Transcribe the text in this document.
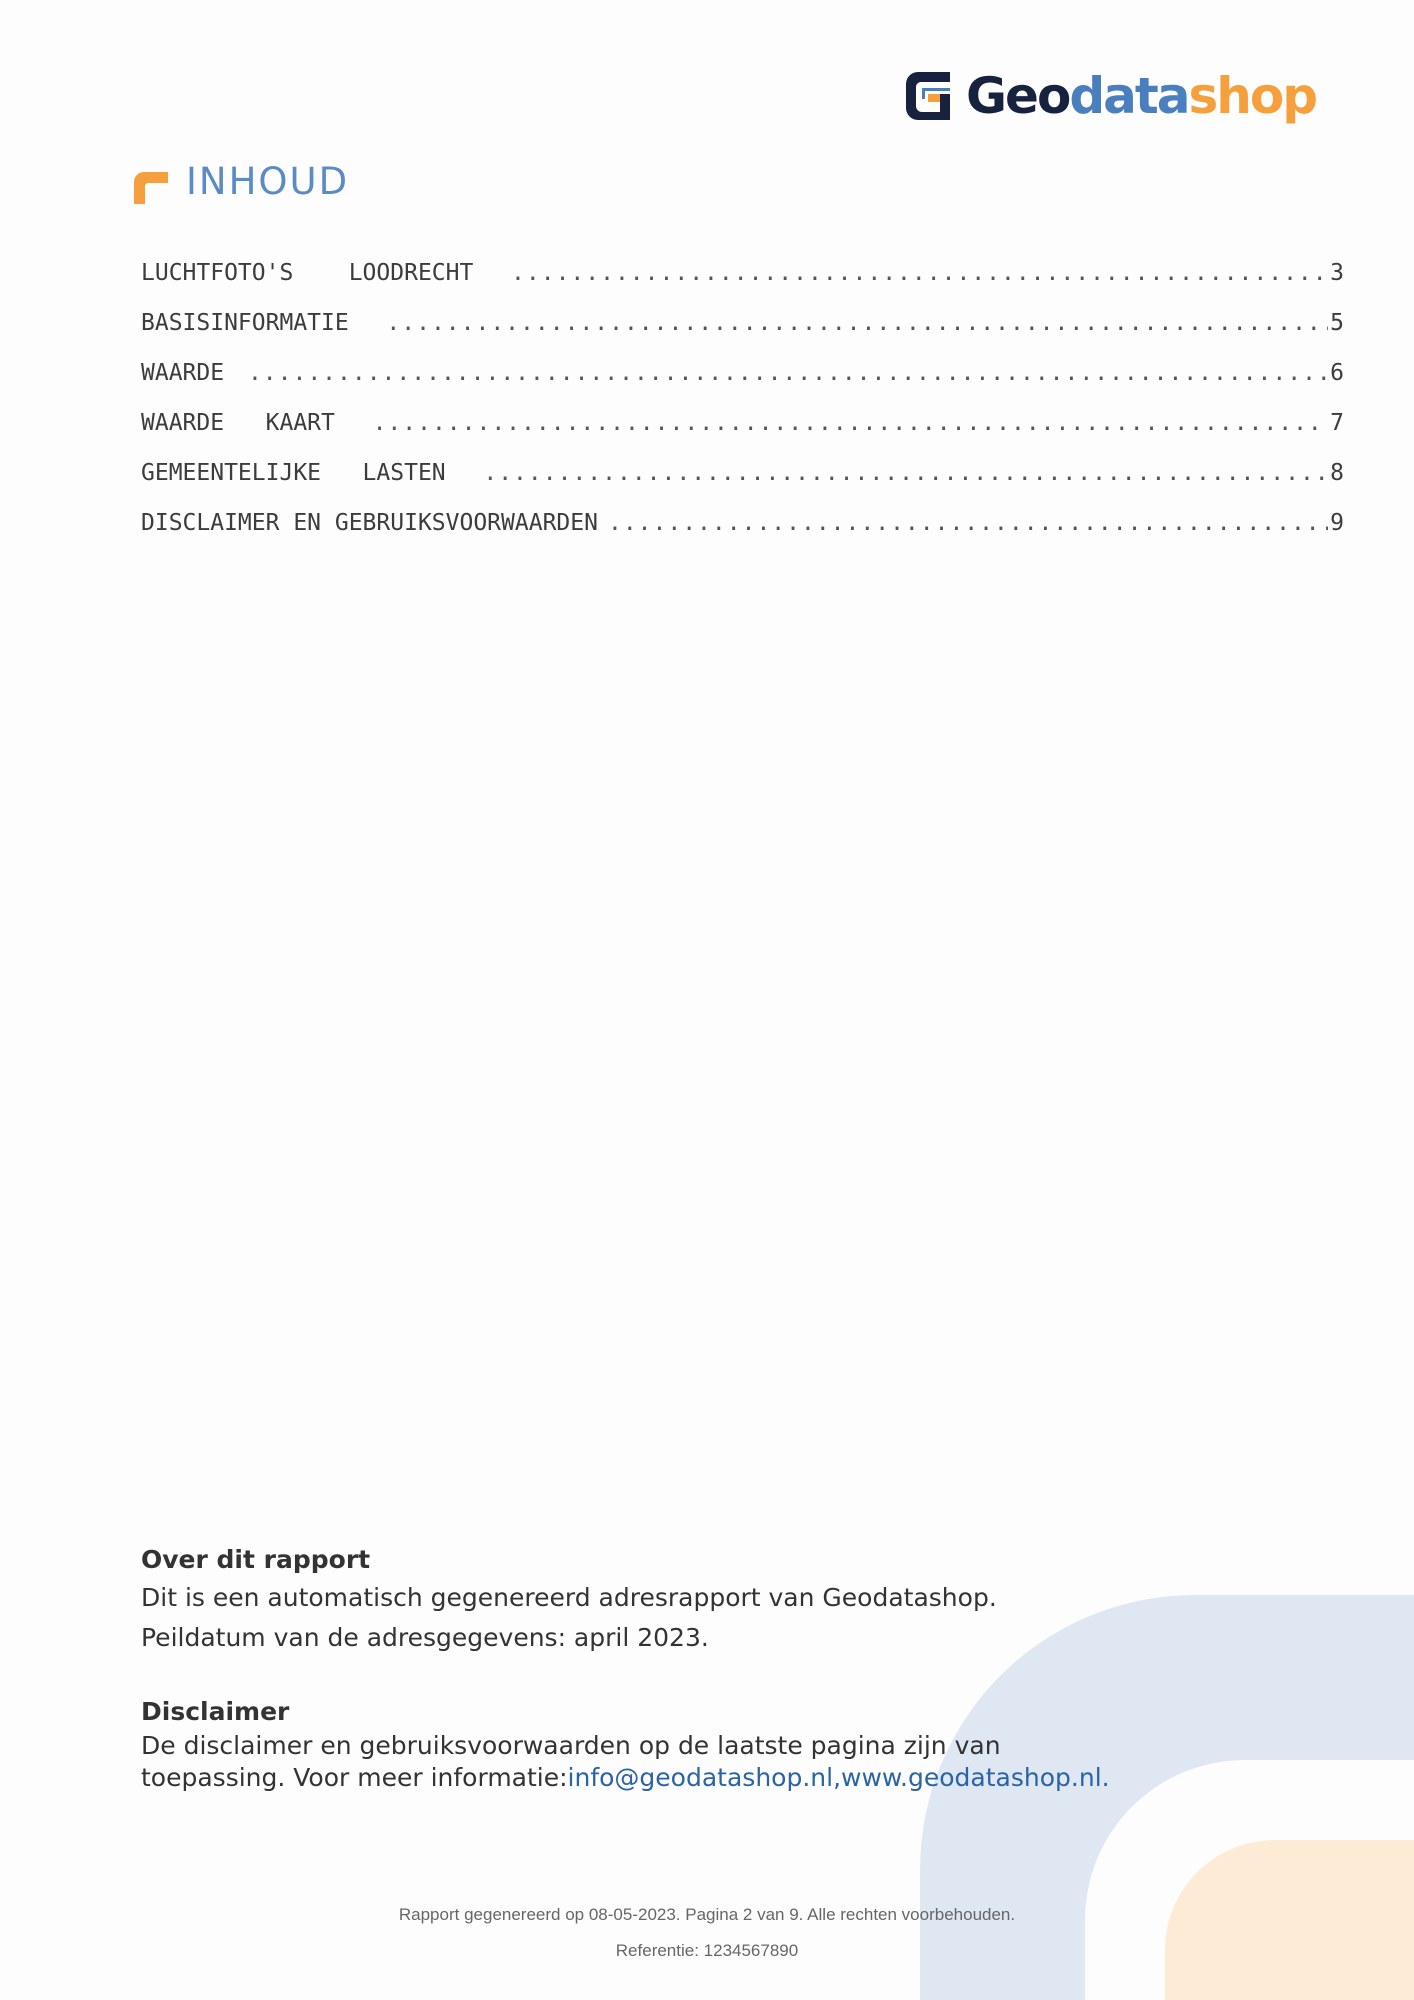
Geodatashop
INHOUD
LUCHTFOTO'S    LOODRECHT .....	3
BASISINFORMATIE .....	5
WAARDE .....	6
WAARDE   KAART .....	7
GEMEENTELIJKE   LASTEN .....	8
DISCLAIMER EN GEBRUIKSVOORWAARDEN .....	9
Over dit rapport

Dit is een automatisch gegenereerd adresrapport van Geodatashop.

Peildatum van de adresgegevens: april 2023.

Disclaimer

De disclaimer en gebruiksvoorwaarden op de laatste pagina zijn van

toepassing. Voor meer informatie:info@geodatashop.nl,www.geodatashop.nl.

Rapport gegenereerd op 08-05-2023. Pagina 2 van 9. Alle rechten voorbehouden.
Referentie: 1234567890
